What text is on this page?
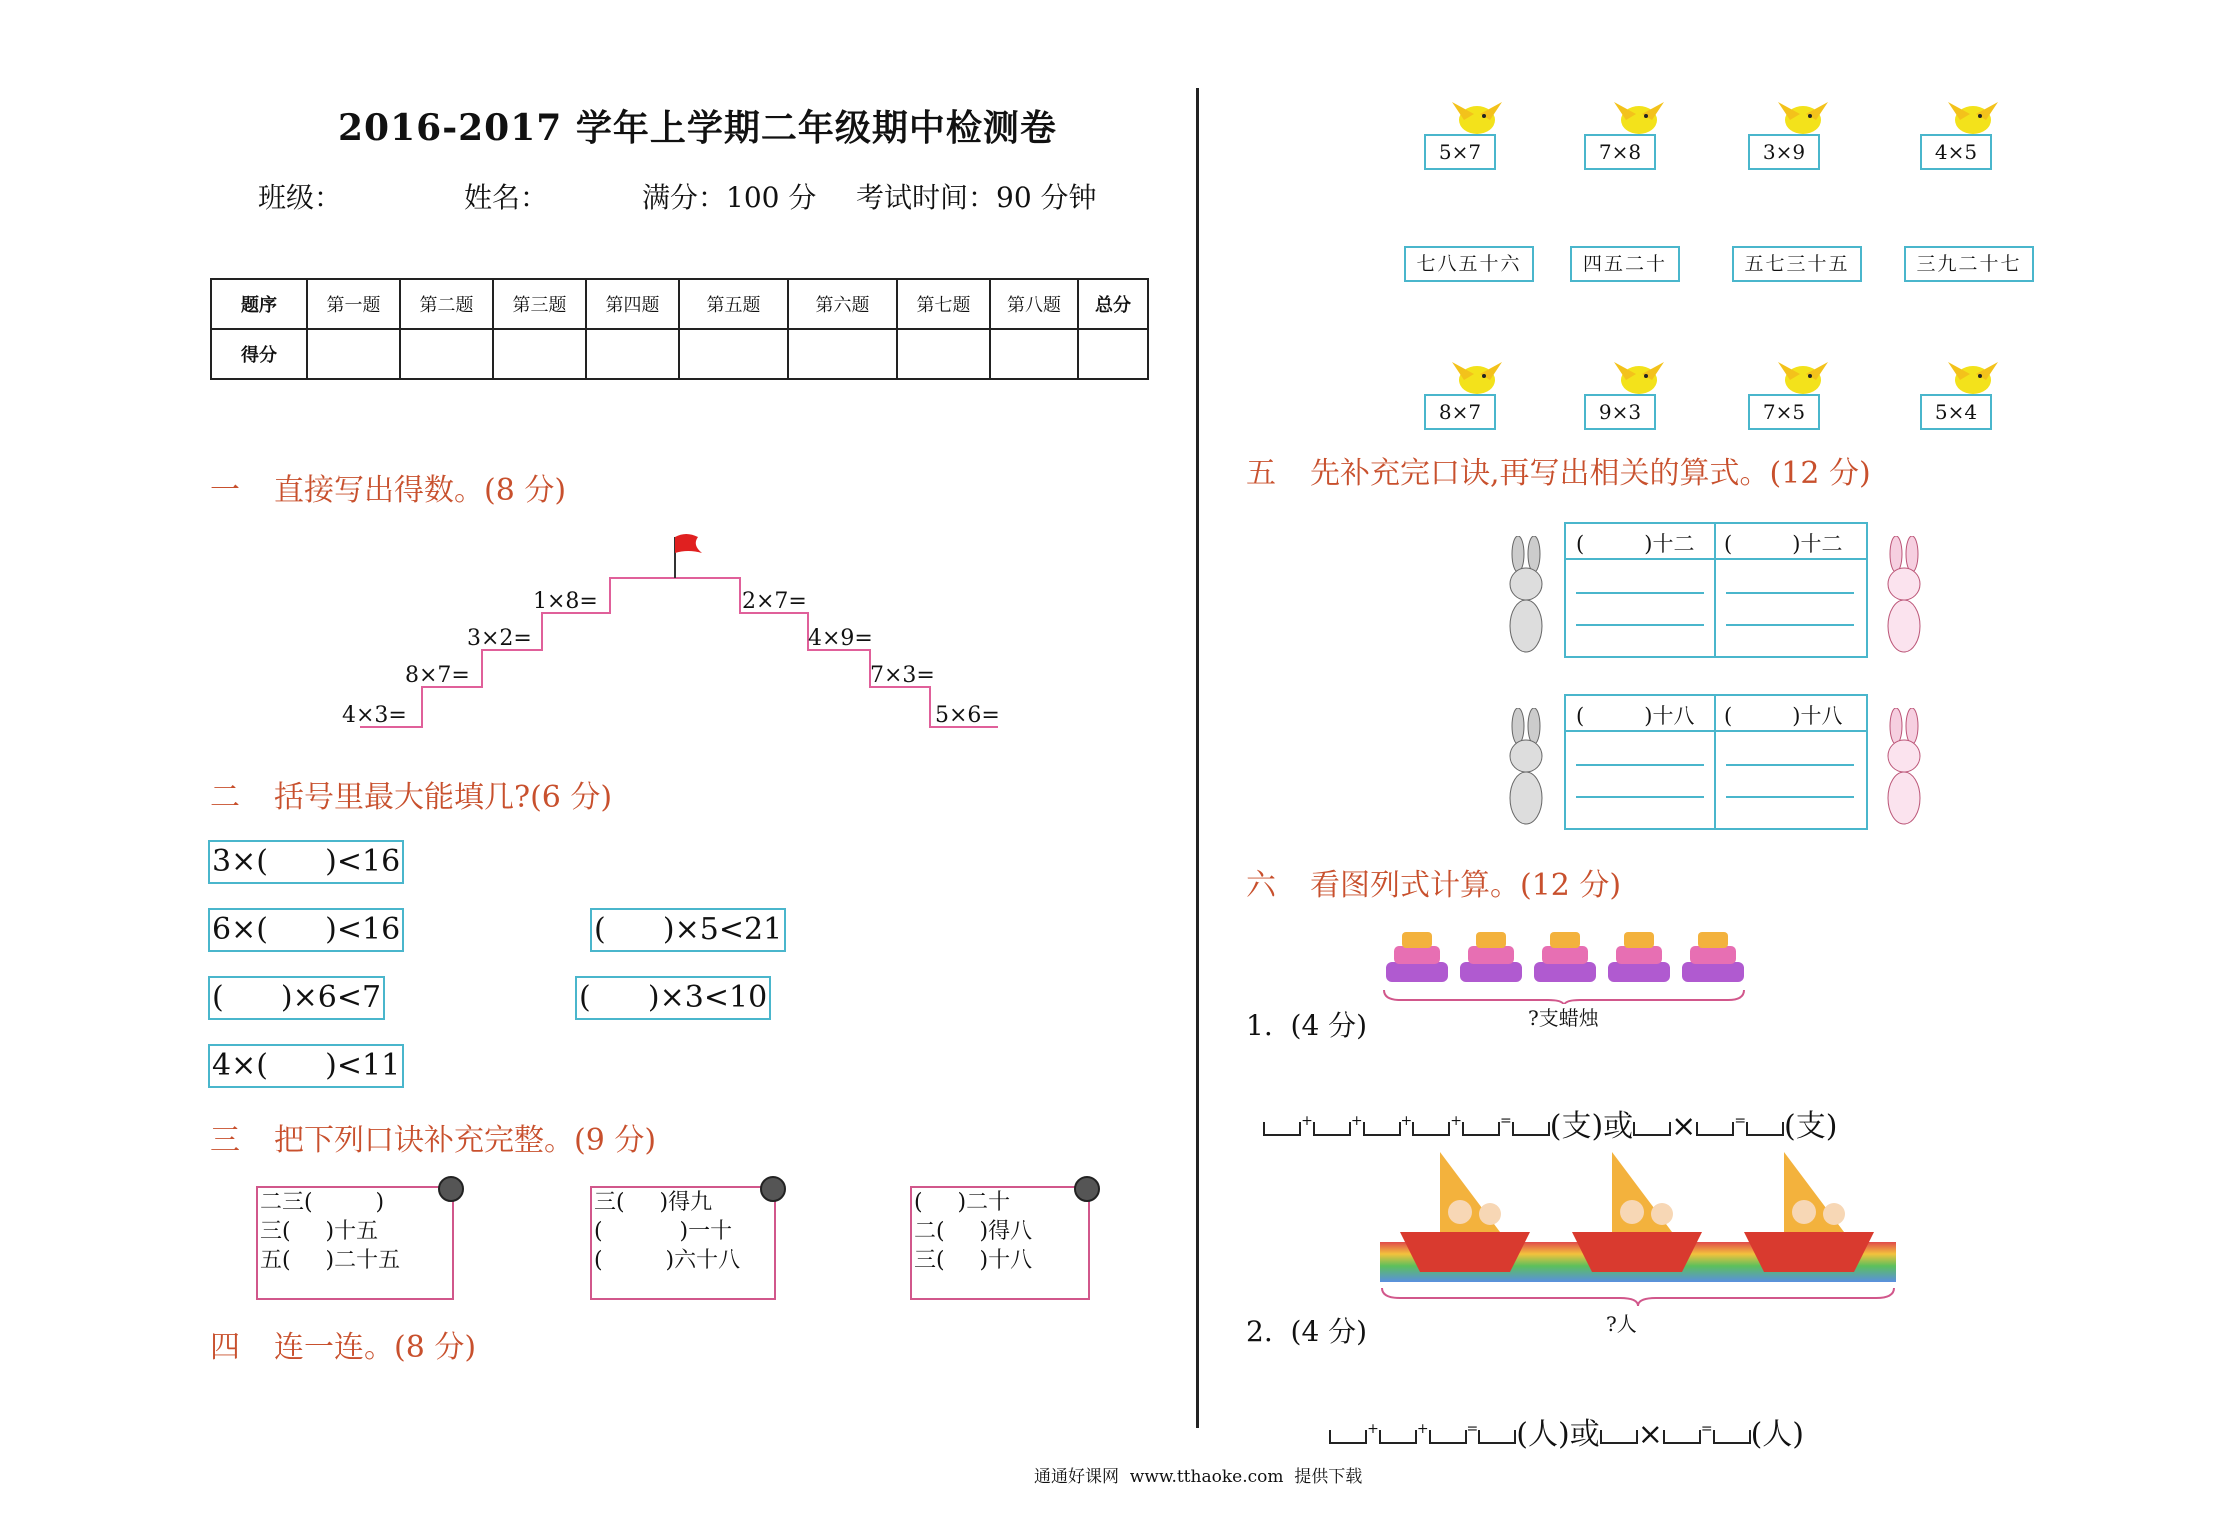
2016-2017 学年上学期二年级期中检测卷
班级：	姓名：	满分：100 分 考试时间：90 分钟
题序	第一题	第二题	第三题	第四题	第五题	第六题	第七题	第八题	总分
得分									
一 直接写出得数。(8 分)
4×3=
8×7=
3×2=
1×8=	2×7=
4×9=
7×3=
5×6=
二 括号里最大能填几?(6 分)
3×(      )<16
6×(      )<16	(      )×5<21
(      )×6<7	(      )×3<10
4×(      )<11
三 把下列口诀补充完整。(9 分)
二三(         )
三(     )十五
五(     )二十五
三(     )得九
(           )一十
(         )六十八
(     )二十
二(     )得八
三(     )十八
四 连一连。(8 分)
5×7	7×8	3×9	4×5
七八五十六	四五二十	五七三十五	三九二十七
8×7	9×3	7×5	5×4
五 先补充完口诀,再写出相关的算式。(12 分)
(         )十二 (         )十二
(         )十八 (         )十八
六 看图列式计算。(12 分)
?支蜡烛
1.  (4 分)

+	+	+	+	= (支)或 ×	= (支)

?人
2.  (4 分)

+	+	= (人)或 ×	= (人)

通通好课网  www.tthaoke.com  提供下载
